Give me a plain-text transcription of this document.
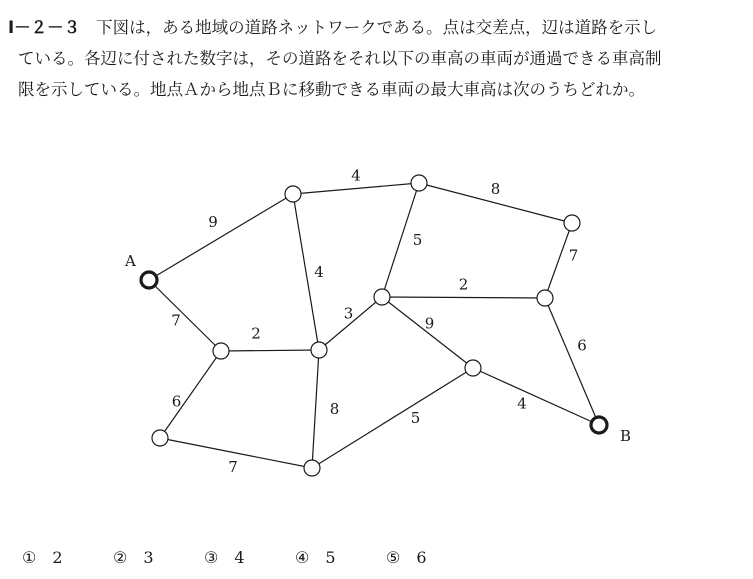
Ⅰ－２－３ 下図は，ある地域の道路ネットワークである。点は交差点，辺は道路を示し
ている。各辺に付された数字は，その道路をそれ以下の車高の車両が通過できる車高制
限を示している。地点Ａから地点Ｂに移動できる車両の最大車高は次のうちどれか。
9
4
8
4
5
7
2
3
7
2
9
6
4
6	8
7
5
A
B
① 2	② 3	③ 4	④ 5	⑤ 6
